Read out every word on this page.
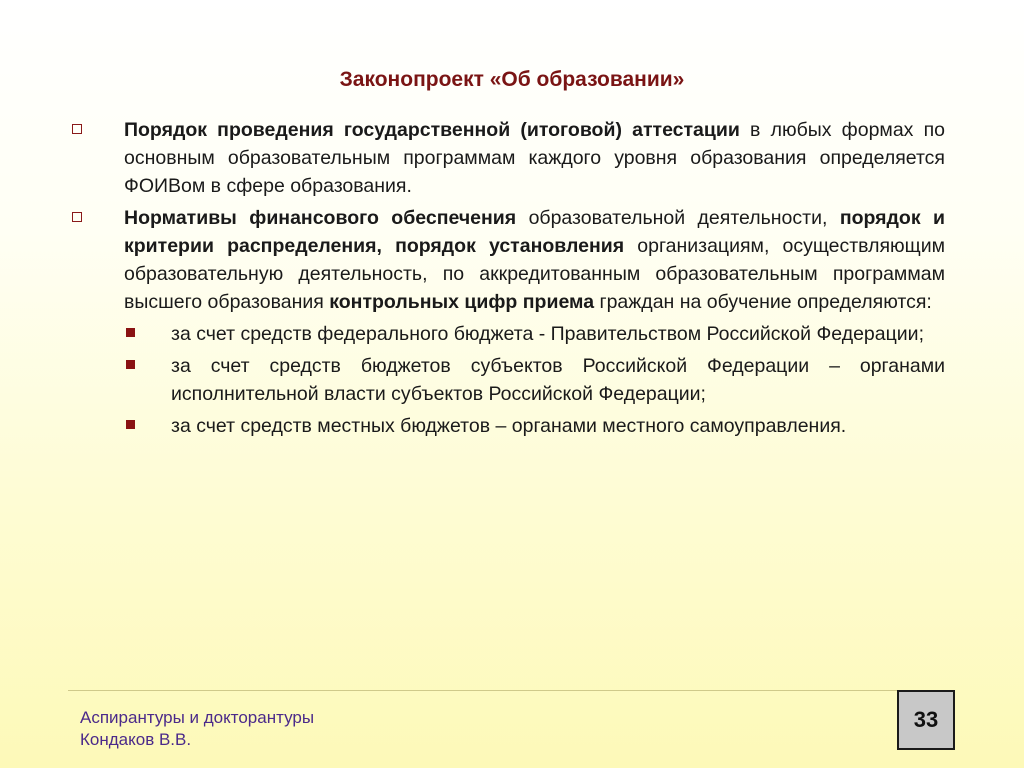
Законопроект «Об образовании»
Порядок проведения государственной (итоговой) аттестации в любых формах по основным образовательным программам каждого уровня образования определяется ФОИВом в сфере образования.
Нормативы финансового обеспечения образовательной деятельности, порядок и критерии распределения, порядок установления организациям, осуществляющим образовательную деятельность, по аккредитованным образовательным программам высшего образования контрольных цифр приема граждан на обучение определяются:
за счет средств федерального бюджета - Правительством Российской Федерации;
за счет средств бюджетов субъектов Российской Федерации – органами исполнительной власти субъектов Российской Федерации;
за счет средств местных бюджетов – органами местного самоуправления.
Аспирантуры и докторантуры
Кондаков В.В.
33
